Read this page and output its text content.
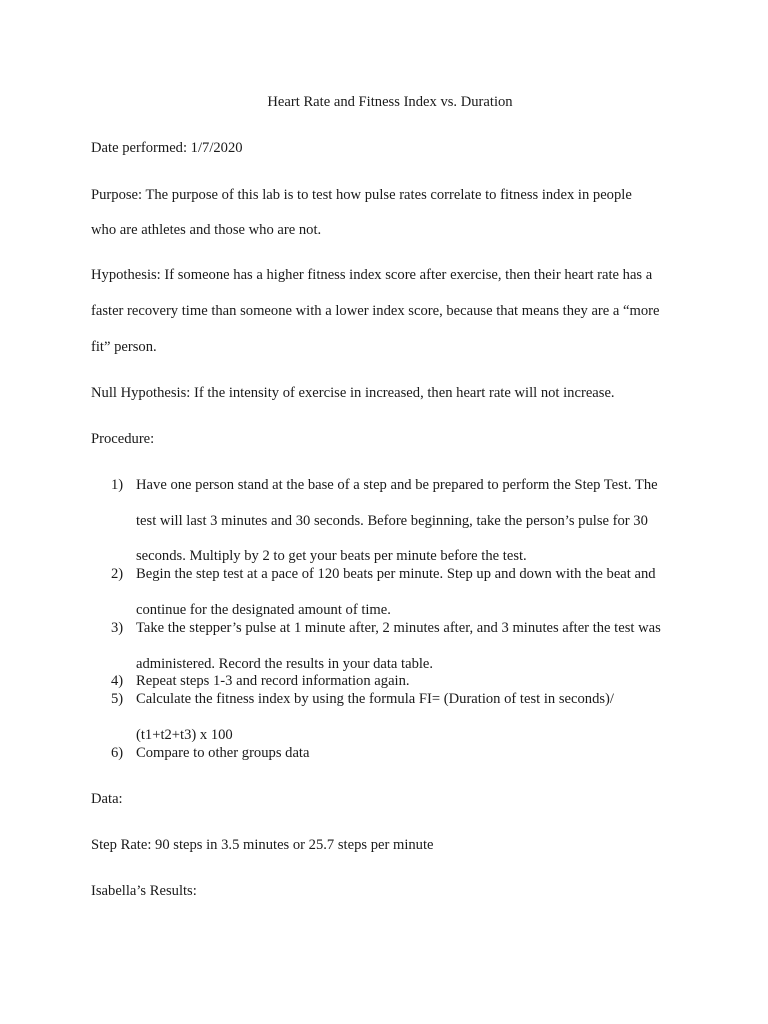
Heart Rate and Fitness Index vs. Duration
Date performed: 1/7/2020
Purpose: The purpose of this lab is to test how pulse rates correlate to fitness index in people
who are athletes and those who are not.
Hypothesis: If someone has a higher fitness index score after exercise, then their heart rate has a
faster recovery time than someone with a lower index score, because that means they are a “more
fit” person.
Null Hypothesis: If the intensity of exercise in increased, then heart rate will not increase.
Procedure:
1) Have one person stand at the base of a step and be prepared to perform the Step Test. The
test will last 3 minutes and 30 seconds. Before beginning, take the person’s pulse for 30
seconds. Multiply by 2 to get your beats per minute before the test.
2) Begin the step test at a pace of 120 beats per minute. Step up and down with the beat and
continue for the designated amount of time.
3) Take the stepper’s pulse at 1 minute after, 2 minutes after, and 3 minutes after the test was
administered. Record the results in your data table.
4) Repeat steps 1-3 and record information again.
5) Calculate the fitness index by using the formula FI= (Duration of test in seconds)/
(t1+t2+t3) x 100
6) Compare to other groups data
Data:
Step Rate: 90 steps in 3.5 minutes or 25.7 steps per minute
Isabella’s Results:
